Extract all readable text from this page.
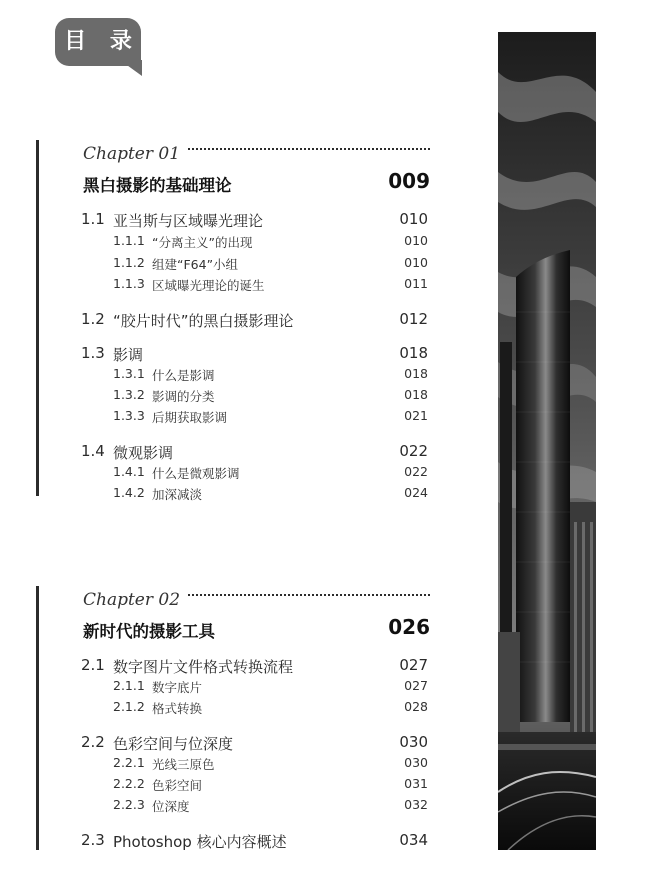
目 录
Chapter 01
黑白摄影的基础理论	009
1.1 亚当斯与区域曝光理论	010
1.1.1 “分离主义”的出现	010
1.1.2 组建“F64”小组	010
1.1.3 区域曝光理论的诞生	011
1.2 “胶片时代”的黑白摄影理论	012
1.3 影调	018
1.3.1 什么是影调	018
1.3.2 影调的分类	018
1.3.3 后期获取影调	021
1.4 微观影调	022
1.4.1 什么是微观影调	022
1.4.2 加深减淡	024
Chapter 02
新时代的摄影工具	026
2.1 数字图片文件格式转换流程	027
2.1.1 数字底片	027
2.1.2 格式转换	028
2.2 色彩空间与位深度	030
2.2.1 光线三原色	030
2.2.2 色彩空间	031
2.2.3 位深度	032
2.3 Photoshop 核心内容概述	034
